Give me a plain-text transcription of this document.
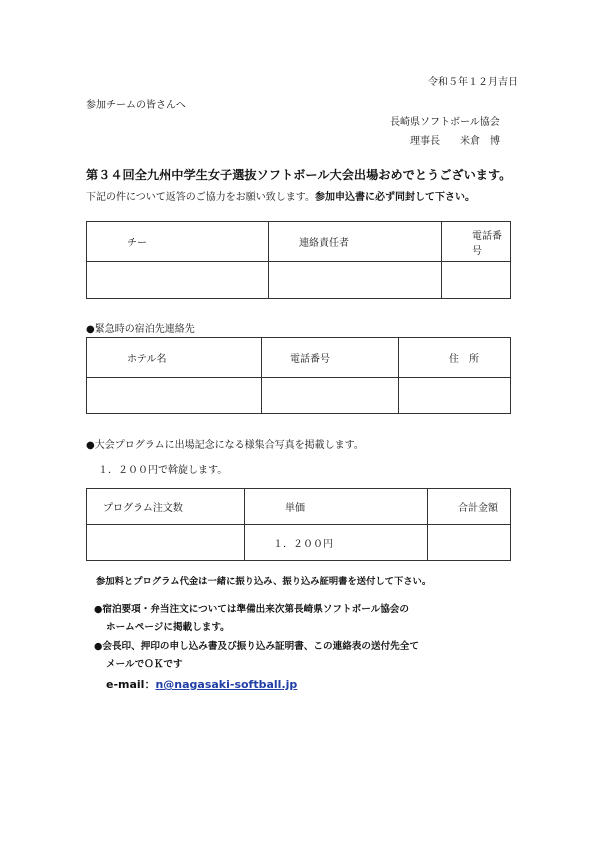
令和５年１２月吉日
参加チームの皆さんへ
長崎県ソフトボール協会
理事長　　米倉　博
第３４回全九州中学生女子選抜ソフトボール大会出場おめでとうございます。
下記の件について返答のご協力をお願い致します。参加申込書に必ず同封して下さい。
チー	連絡責任者	電話番号

●緊急時の宿泊先連絡先
ホテル名	電話番号	住　所

●大会プログラムに出場記念になる様集合写真を掲載します。
１．２００円で斡旋します。
プログラム注文数	単価	合計金額
	１．２００円	
参加料とプログラム代金は一緒に振り込み、振り込み証明書を送付して下さい。
●宿泊要項・弁当注文については準備出来次第長崎県ソフトボール協会の
ホームページに掲載します。
●会長印、押印の申し込み書及び振り込み証明書、この連絡表の送付先全て
メールでＯＫです
e-mail：n@nagasaki-softball.jp
